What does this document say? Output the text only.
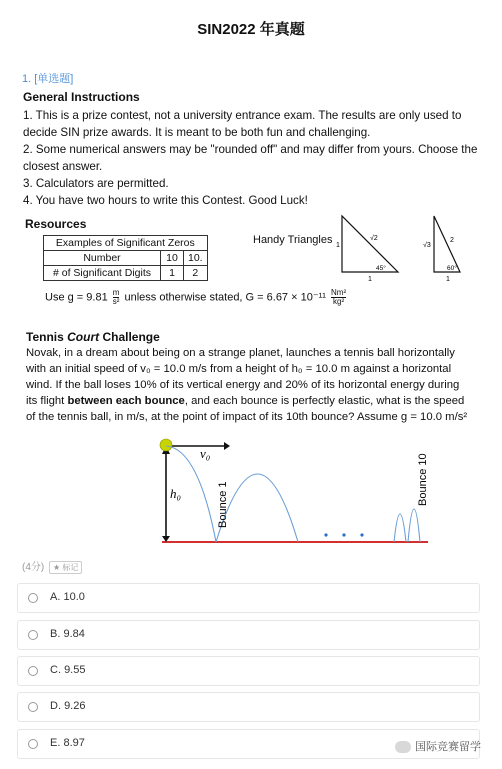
SIN2022 年真题
1. [单选题]
General Instructions

1. This is a prize contest, not a university entrance exam. The results are only used to decide SIN prize awards. It is meant to be both fun and challenging.

2. Some numerical answers may be "rounded off" and may differ from yours. Choose the closest answer.

3. Calculators are permitted.

4. You have two hours to write this Contest. Good Luck!

Resources
Examples of Significant Zeros		
Number	10	10.
# of Significant Digits	1	2
Handy Triangles 1
√2
1
45°
√3
2
1
60°
Use $g = 9.81 \frac{m}{\text{s²}}$ unless otherwise stated, $G = 6.67 \times 10^{-11} \frac{\text{Nm²}}{\text{kg²}}$
Tennis Court Challenge

Novak, in a dream about being on a strange planet, launches a tennis ball horizontally

with an initial speed of v₀ = 10.0 m/s from a height of h₀ = 10.0 m against a horizontal

wind. If the ball loses 10% of its vertical energy and 20% of its horizontal energy during

its flight between each bounce, and each bounce is perfectly elastic, what is the speed

of the tennis ball, in m/s, at the point of impact of its 10th bounce? Assume g = 10.0 m/s²

v₀
h₀	Bounce 1	Bounce 10
(4分) ★ 标记
A. 10.0
B. 9.84
C. 9.55
D. 9.26
E. 8.97	国际竞赛留学
